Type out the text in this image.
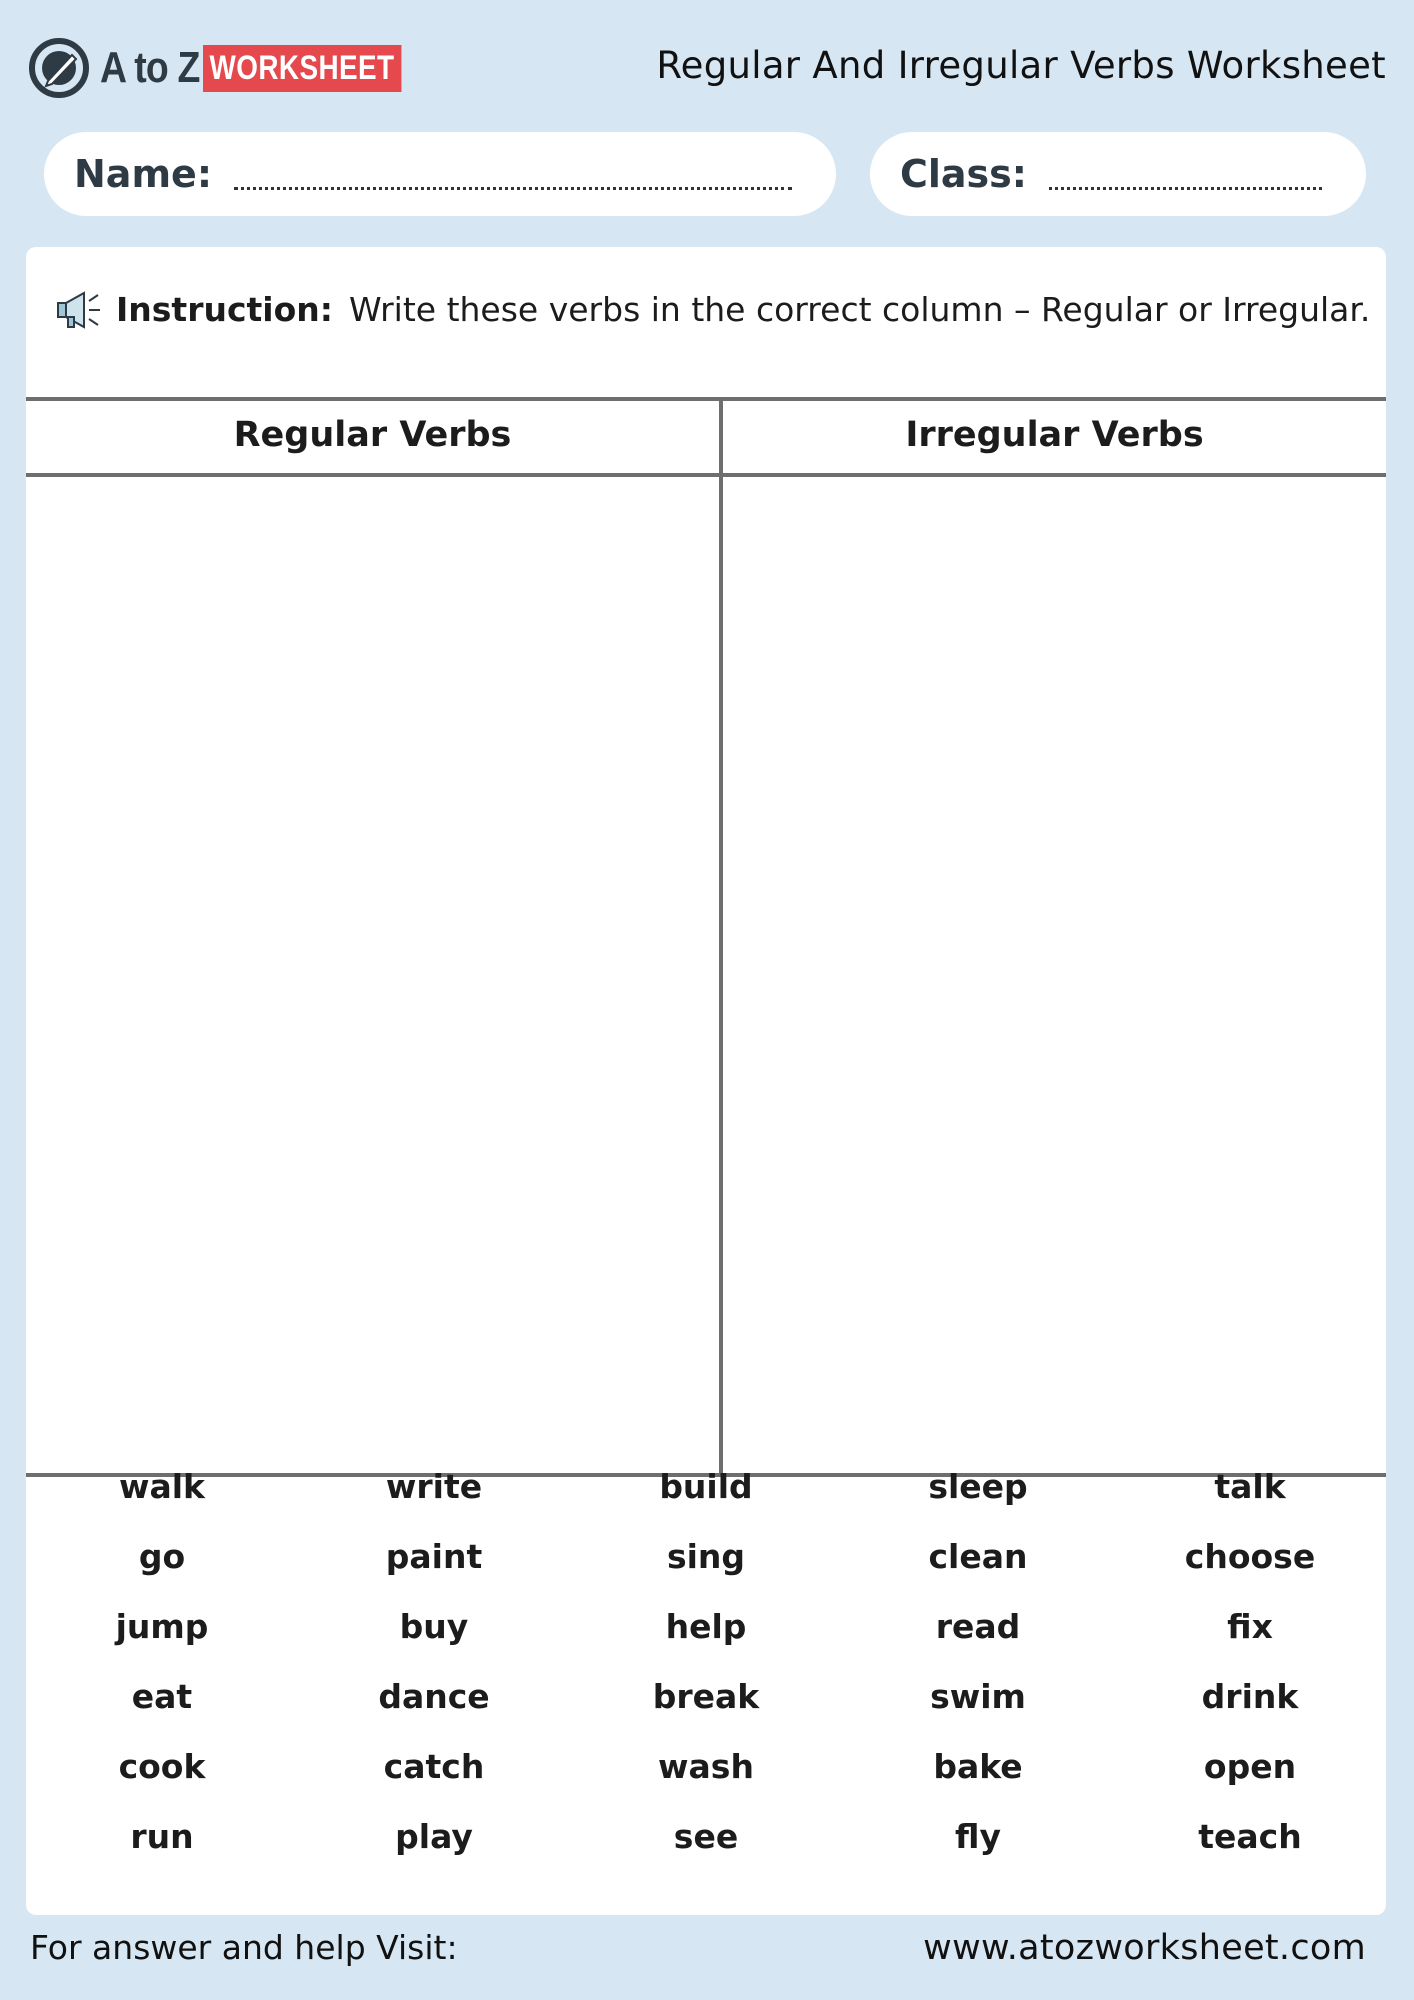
A to Z WORKSHEET	Regular And Irregular Verbs Worksheet
Name:	Class:
Instruction: Write these verbs in the correct column – Regular or Irregular.
Regular Verbs	Irregular Verbs
walk	write	build	sleep	talk
go	paint	sing	clean	choose
jump	buy	help	read	fix
eat	dance	break	swim	drink
cook	catch	wash	bake	open
run	play	see	fly	teach
For answer and help Visit:	www.atozworksheet.com
